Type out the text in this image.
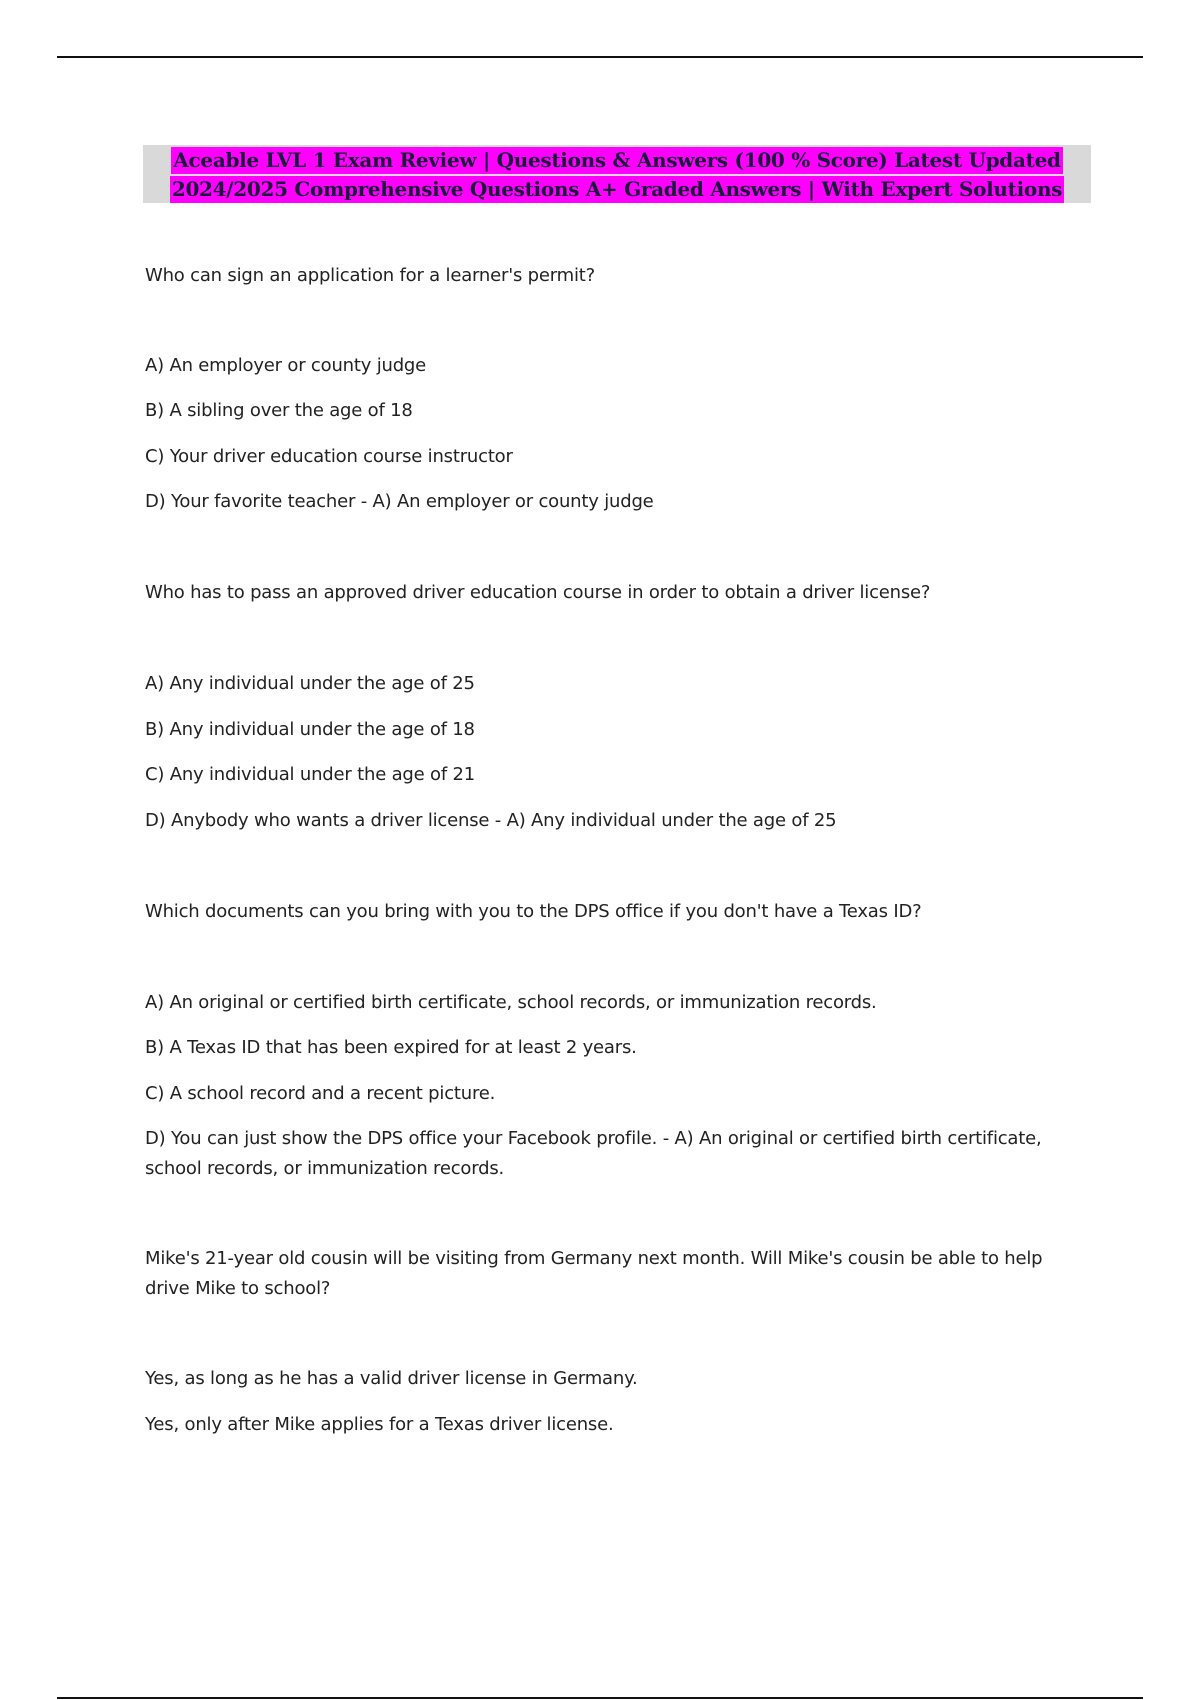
Aceable LVL 1 Exam Review | Questions & Answers (100 % Score) Latest Updated
2024/2025 Comprehensive Questions A+ Graded Answers | With Expert Solutions
Who can sign an application for a learner's permit?
A) An employer or county judge
B) A sibling over the age of 18
C) Your driver education course instructor
D) Your favorite teacher - A) An employer or county judge
Who has to pass an approved driver education course in order to obtain a driver license?
A) Any individual under the age of 25
B) Any individual under the age of 18
C) Any individual under the age of 21
D) Anybody who wants a driver license - A) Any individual under the age of 25
Which documents can you bring with you to the DPS office if you don't have a Texas ID?
A) An original or certified birth certificate, school records, or immunization records.
B) A Texas ID that has been expired for at least 2 years.
C) A school record and a recent picture.
D) You can just show the DPS office your Facebook profile. - A) An original or certified birth certificate, school records, or immunization records.
Mike's 21-year old cousin will be visiting from Germany next month. Will Mike's cousin be able to help drive Mike to school?
Yes, as long as he has a valid driver license in Germany.
Yes, only after Mike applies for a Texas driver license.
